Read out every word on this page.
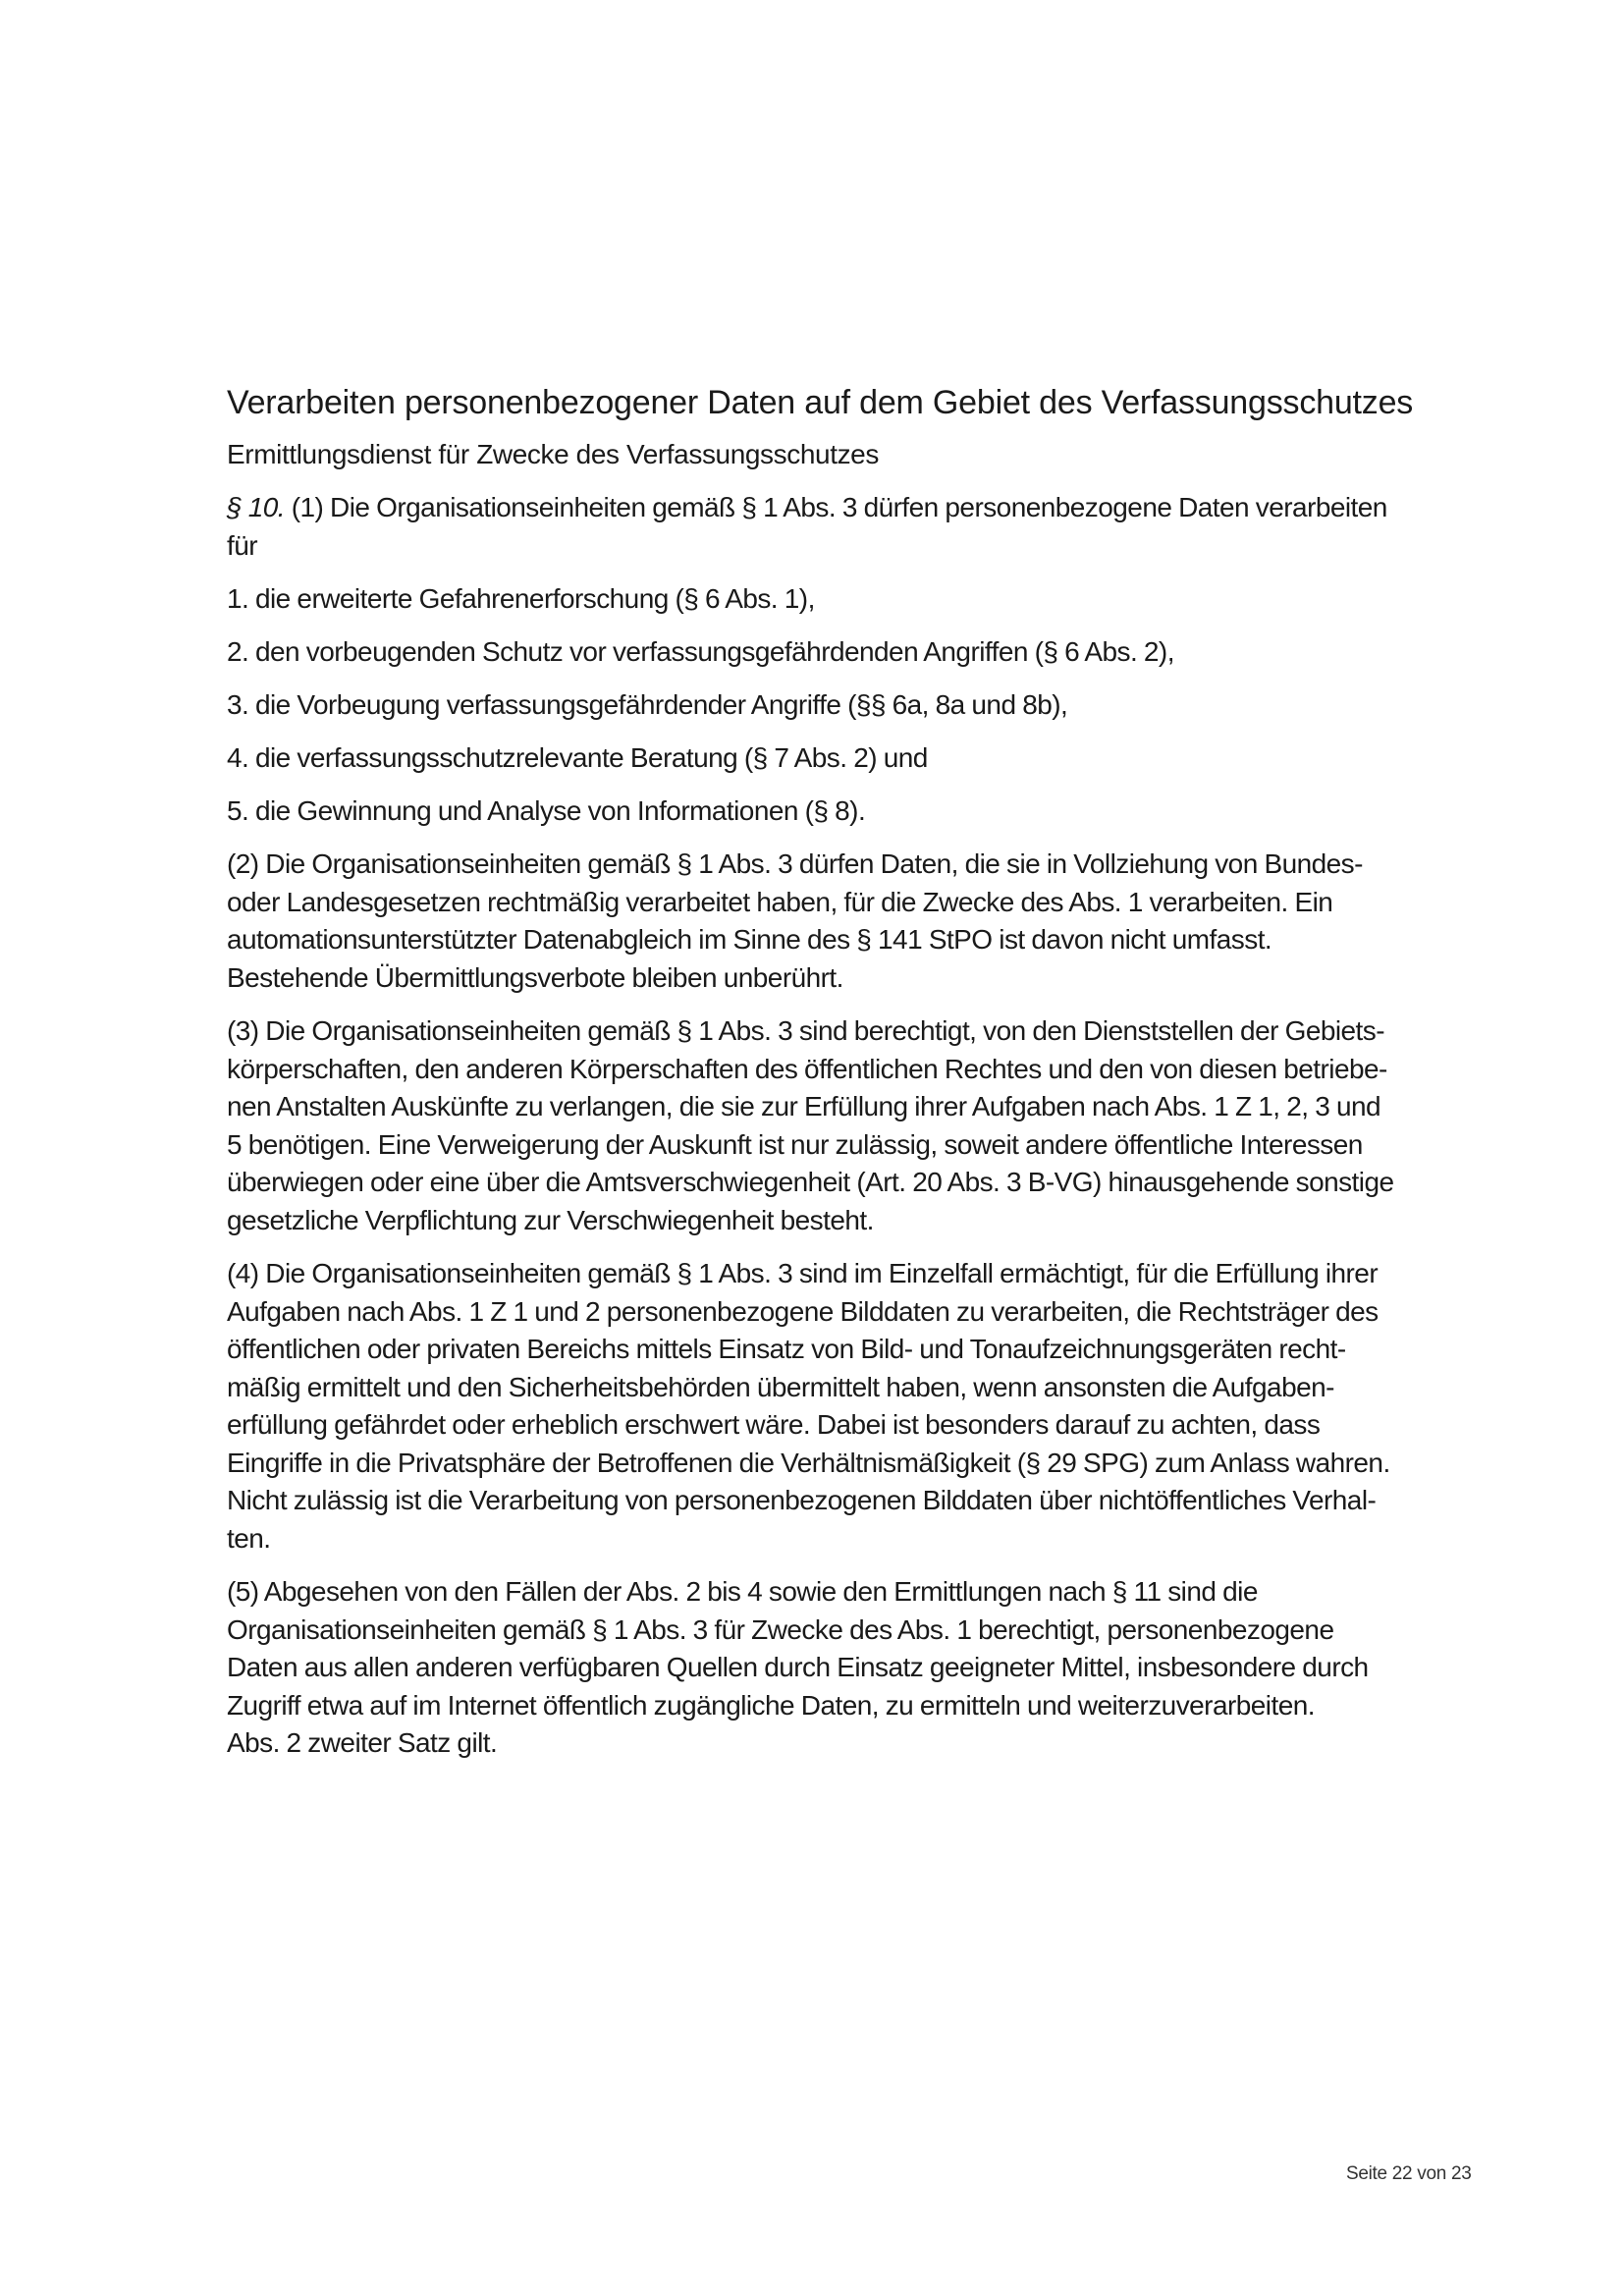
Verarbeiten personenbezogener Daten auf dem Gebiet des Verfassungsschutzes
Ermittlungsdienst für Zwecke des Verfassungsschutzes
§ 10. (1) Die Organisationseinheiten gemäß § 1 Abs. 3 dürfen personenbezogene Daten verarbeiten
für
1. die erweiterte Gefahrenerforschung (§ 6 Abs. 1),
2. den vorbeugenden Schutz vor verfassungsgefährdenden Angriffen (§ 6 Abs. 2),
3. die Vorbeugung verfassungsgefährdender Angriffe (§§ 6a, 8a und 8b),
4. die verfassungsschutzrelevante Beratung (§ 7 Abs. 2) und
5. die Gewinnung und Analyse von Informationen (§ 8).
(2) Die Organisationseinheiten gemäß § 1 Abs. 3 dürfen Daten, die sie in Vollziehung von Bundes-
oder Landesgesetzen rechtmäßig verarbeitet haben, für die Zwecke des Abs. 1 verarbeiten. Ein
automationsunterstützter Datenabgleich im Sinne des § 141 StPO ist davon nicht umfasst.
Bestehende Übermittlungsverbote bleiben unberührt.
(3) Die Organisationseinheiten gemäß § 1 Abs. 3 sind berechtigt, von den Dienststellen der Gebiets-
körperschaften, den anderen Körperschaften des öffentlichen Rechtes und den von diesen betriebe-
nen Anstalten Auskünfte zu verlangen, die sie zur Erfüllung ihrer Aufgaben nach Abs. 1 Z 1, 2, 3 und
5 benötigen. Eine Verweigerung der Auskunft ist nur zulässig, soweit andere öffentliche Interessen
überwiegen oder eine über die Amtsverschwiegenheit (Art. 20 Abs. 3 B-VG) hinausgehende sonstige
gesetzliche Verpflichtung zur Verschwiegenheit besteht.
(4) Die Organisationseinheiten gemäß § 1 Abs. 3 sind im Einzelfall ermächtigt, für die Erfüllung ihrer
Aufgaben nach Abs. 1 Z 1 und 2 personenbezogene Bilddaten zu verarbeiten, die Rechtsträger des
öffentlichen oder privaten Bereichs mittels Einsatz von Bild- und Tonaufzeichnungsgeräten recht-
mäßig ermittelt und den Sicherheitsbehörden übermittelt haben, wenn ansonsten die Aufgaben-
erfüllung gefährdet oder erheblich erschwert wäre. Dabei ist besonders darauf zu achten, dass
Eingriffe in die Privatsphäre der Betroffenen die Verhältnismäßigkeit (§ 29 SPG) zum Anlass wahren.
Nicht zulässig ist die Verarbeitung von personenbezogenen Bilddaten über nichtöffentliches Verhal-
ten.
(5) Abgesehen von den Fällen der Abs. 2 bis 4 sowie den Ermittlungen nach § 11 sind die
Organisationseinheiten gemäß § 1 Abs. 3 für Zwecke des Abs. 1 berechtigt, personenbezogene
Daten aus allen anderen verfügbaren Quellen durch Einsatz geeigneter Mittel, insbesondere durch
Zugriff etwa auf im Internet öffentlich zugängliche Daten, zu ermitteln und weiterzuverarbeiten.
Abs. 2 zweiter Satz gilt.
Seite 22 von 23
